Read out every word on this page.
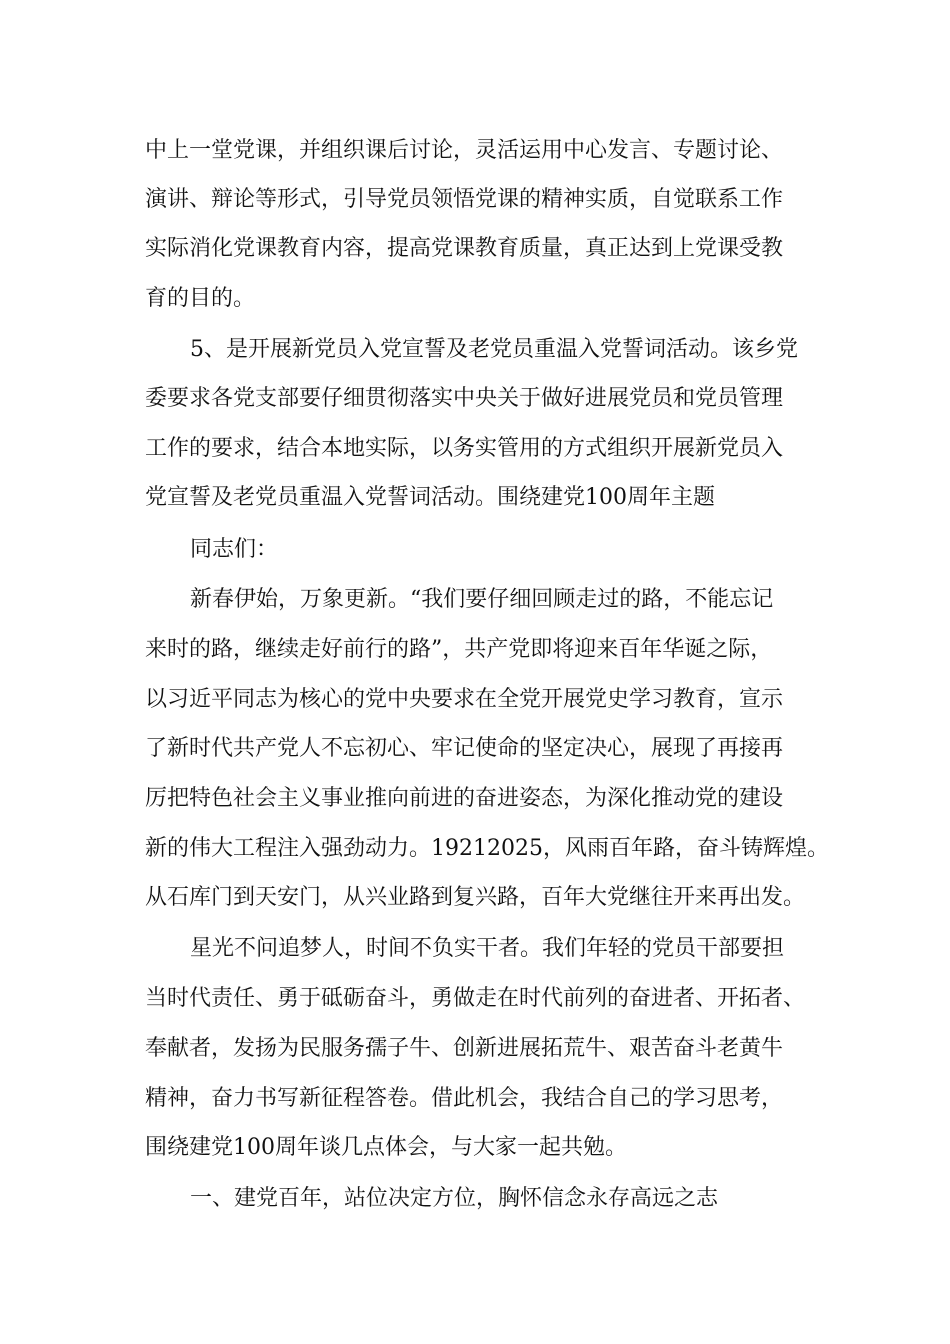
中上一堂党课，并组织课后讨论，灵活运用中心发言、专题讨论、

演讲、辩论等形式，引导党员领悟党课的精神实质，自觉联系工作

实际消化党课教育内容，提高党课教育质量，真正达到上党课受教

育的目的。

5、是开展新党员入党宣誓及老党员重温入党誓词活动。该乡党

委要求各党支部要仔细贯彻落实中央关于做好进展党员和党员管理

工作的要求，结合本地实际，以务实管用的方式组织开展新党员入

党宣誓及老党员重温入党誓词活动。围绕建党100周年主题

同志们：

新春伊始，万象更新。“我们要仔细回顾走过的路，不能忘记

来时的路，继续走好前行的路”，共产党即将迎来百年华诞之际，

以习近平同志为核心的党中央要求在全党开展党史学习教育，宣示

了新时代共产党人不忘初心、牢记使命的坚定决心，展现了再接再

厉把特色社会主义事业推向前进的奋进姿态，为深化推动党的建设

新的伟大工程注入强劲动力。19212025，风雨百年路，奋斗铸辉煌。

从石库门到天安门，从兴业路到复兴路，百年大党继往开来再出发。

星光不问追梦人，时间不负实干者。我们年轻的党员干部要担

当时代责任、勇于砥砺奋斗，勇做走在时代前列的奋进者、开拓者、

奉献者，发扬为民服务孺子牛、创新进展拓荒牛、艰苦奋斗老黄牛

精神，奋力书写新征程答卷。借此机会，我结合自己的学习思考，

围绕建党100周年谈几点体会，与大家一起共勉。

一、建党百年，站位决定方位，胸怀信念永存高远之志
